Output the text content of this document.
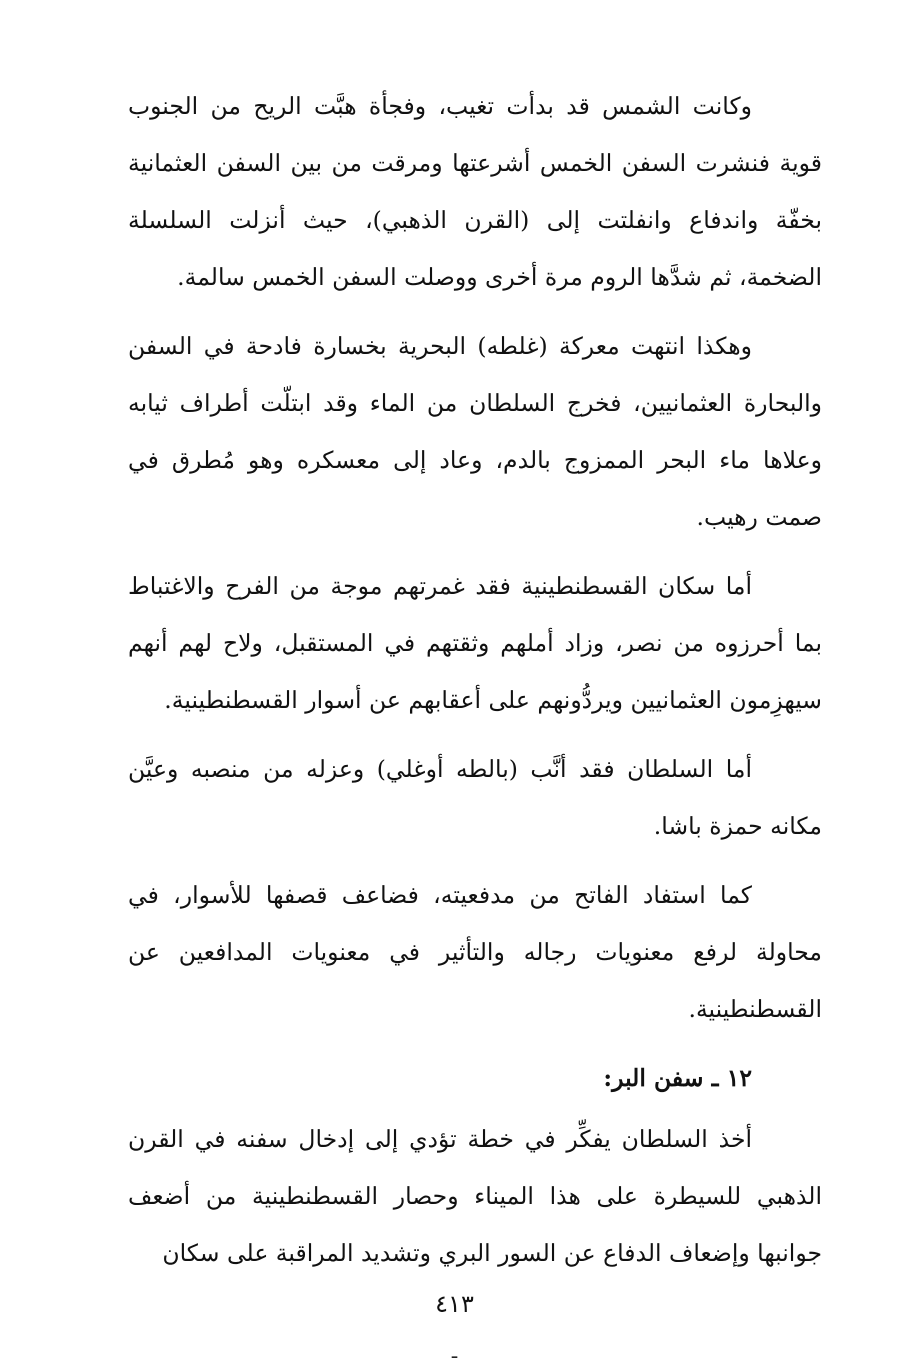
وكانت الشمس قد بدأت تغيب، وفجأة هبَّت الريح من الجنوب قوية فنشرت السفن الخمس أشرعتها ومرقت من بين السفن العثمانية بخفّة واندفاع وانفلتت إلى (القرن الذهبي)، حيث أنزلت السلسلة الضخمة، ثم شدَّها الروم مرة أخرى ووصلت السفن الخمس سالمة.

وهكذا انتهت معركة (غلطه) البحرية بخسارة فادحة في السفن والبحارة العثمانيين، فخرج السلطان من الماء وقد ابتلّت أطراف ثيابه وعلاها ماء البحر الممزوج بالدم، وعاد إلى معسكره وهو مُطرق في صمت رهيب.

أما سكان القسطنطينية فقد غمرتهم موجة من الفرح والاغتباط بما أحرزوه من نصر، وزاد أملهم وثقتهم في المستقبل، ولاح لهم أنهم سيهزِمون العثمانيين ويردُّونهم على أعقابهم عن أسوار القسطنطينية.

أما السلطان فقد أنَّب (بالطه أوغلي) وعزله من منصبه وعيَّن مكانه حمزة باشا.

كما استفاد الفاتح من مدفعيته، فضاعف قصفها للأسوار، في محاولة لرفع معنويات رجاله والتأثير في معنويات المدافعين عن القسطنطينية.

١٢ ـ سفن البر:

أخذ السلطان يفكِّر في خطة تؤدي إلى إدخال سفنه في القرن الذهبي للسيطرة على هذا الميناء وحصار القسطنطينية من أضعف جوانبها وإضعاف الدفاع عن السور البري وتشديد المراقبة على سكان

٤١٣
ـ
